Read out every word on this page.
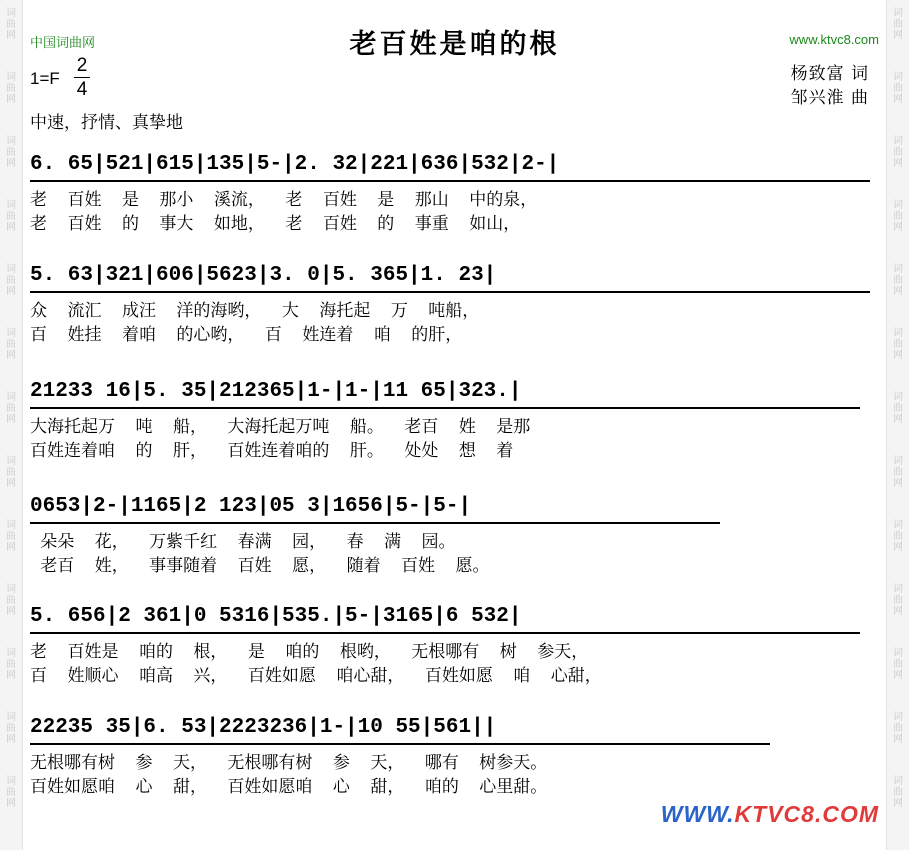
词
曲
网
词
曲
网
词
曲
网
词
曲
网
词
曲
网
词
曲
网
词
曲
网
词
曲
网
词
曲
网
词
曲
网
词
曲
网
词
曲
网
词
曲
网
词
曲
网
词
曲
网
词
曲
网
词
曲
网
词
曲
网
词
曲
网
词
曲
网
词
曲
网
词
曲
网
词
曲
网
词
曲
网
词
曲
网
词
曲
网
中国词曲网	老百姓是咱的根	www.ktvc8.com
1=F
2
4
杨致富 词
邹兴淮 曲
中速，抒情、真挚地
6. 65|521|615|135|5-|2. 32|221|636|532|2-|
老  百姓  是  那小  溪流，  老  百姓  是  那山  中的泉，
老  百姓  的  事大  如地，  老  百姓  的  事重  如山，
5. 63|321|606|5623|3. 0|5. 365|1. 23|
众  流汇  成汪  洋的海哟，  大  海托起  万  吨船，
百  姓挂  着咱  的心哟，  百  姓连着  咱  的肝，
21233 16|5. 35|212365|1-|1-|11 65|323.|
大海托起万  吨  船，  大海托起万吨  船。  老百  姓  是那
百姓连着咱  的  肝，  百姓连着咱的  肝。  处处  想  着
0653|2-|1165|2 123|05 3|1656|5-|5-|
朵朵  花，  万紫千红  春满  园，  春  满  园。
老百  姓，  事事随着  百姓  愿，  随着  百姓  愿。
5. 656|2 361|0 5316|535.|5-|3165|6 532|
老  百姓是  咱的  根，  是  咱的  根哟，  无根哪有  树  参天，
百  姓顺心  咱高  兴，  百姓如愿  咱心甜，  百姓如愿  咱  心甜，
22235 35|6. 53|2223236|1-|10 55|561||
无根哪有树  参  天，  无根哪有树  参  天，  哪有  树参天。
百姓如愿咱  心  甜，  百姓如愿咱  心  甜，  咱的  心里甜。
WWW.KTVC8.COM
